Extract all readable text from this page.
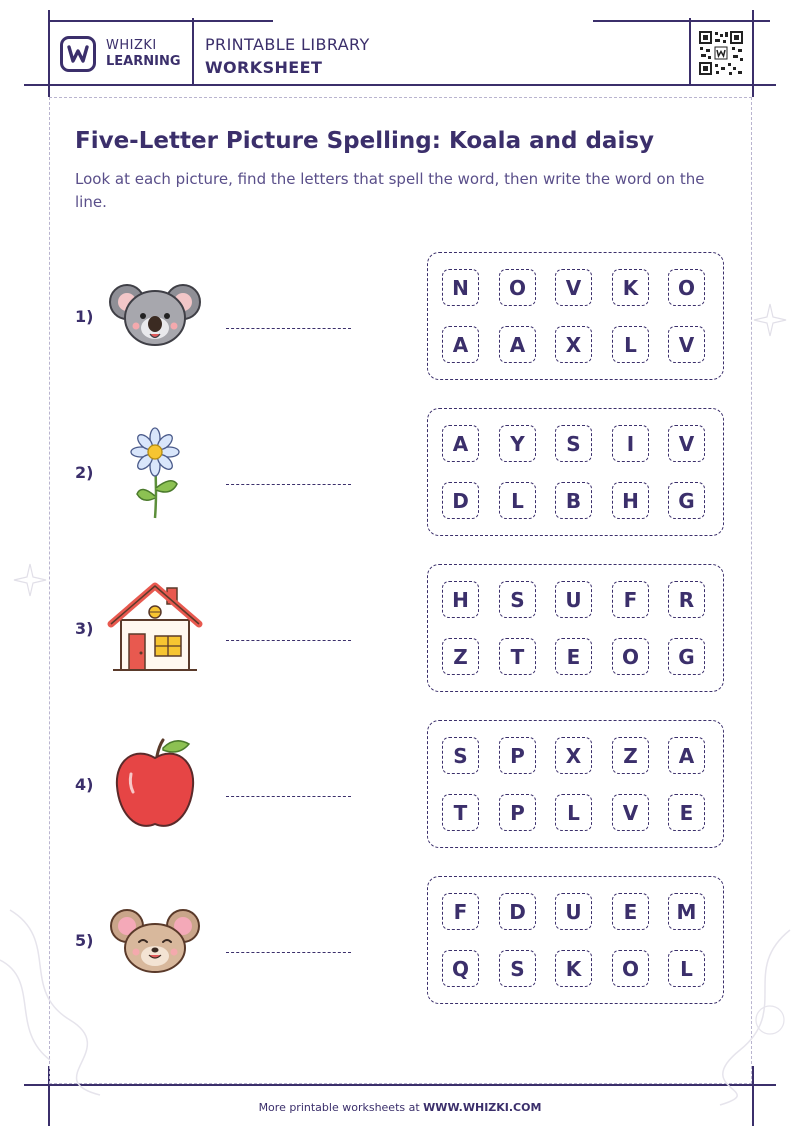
WHIZKI
LEARNING
PRINTABLE LIBRARY
WORKSHEET
Five-Letter Picture Spelling: Koala and daisy
Look at each picture, find the letters that spell the word, then write the word on the line.
1)
N	O	V	K	O
A	A	X	L	V
2)
A	Y	S	I	V
D	L	B	H	G
3)
H	S	U	F	R
Z	T	E	O	G
4)
S	P	X	Z	A
T	P	L	V	E
5)
F	D	U	E	M
Q	S	K	O	L
More printable worksheets at WWW.WHIZKI.COM
